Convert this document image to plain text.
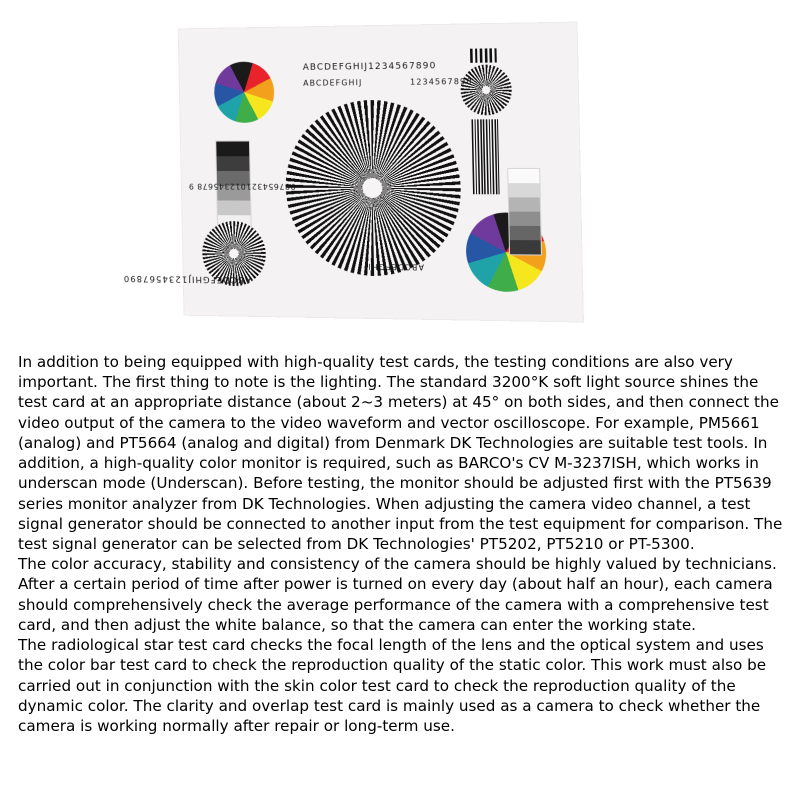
ABCDEFGHIJ1234567890
ABCDEFGHIJ	1234567890
987654321012345678 9
ABCDEFGHIJ1234567890
ABCDEFGHIJ

In addition to being equipped with high-quality test cards, the testing conditions are also very important. The first thing to note is the lighting. The standard 3200°K soft light source shines the test card at an appropriate distance (about 2~3 meters) at 45° on both sides, and then connect the video output of the camera to the video waveform and vector oscilloscope. For example, PM5661 (analog) and PT5664 (analog and digital) from Denmark DK Technologies are suitable test tools. In addition, a high-quality color monitor is required, such as BARCO's CV M-3237ISH, which works in underscan mode (Underscan). Before testing, the monitor should be adjusted first with the PT5639 series monitor analyzer from DK Technologies. When adjusting the camera video channel, a test signal generator should be connected to another input from the test equipment for comparison. The test signal generator can be selected from DK Technologies' PT5202, PT5210 or PT-5300.

The color accuracy, stability and consistency of the camera should be highly valued by technicians. After a certain period of time after power is turned on every day (about half an hour), each camera should comprehensively check the average performance of the camera with a comprehensive test card, and then adjust the white balance, so that the camera can enter the working state.

The radiological star test card checks the focal length of the lens and the optical system and uses the color bar test card to check the reproduction quality of the static color. This work must also be carried out in conjunction with the skin color test card to check the reproduction quality of the dynamic color. The clarity and overlap test card is mainly used as a camera to check whether the camera is working normally after repair or long-term use.
